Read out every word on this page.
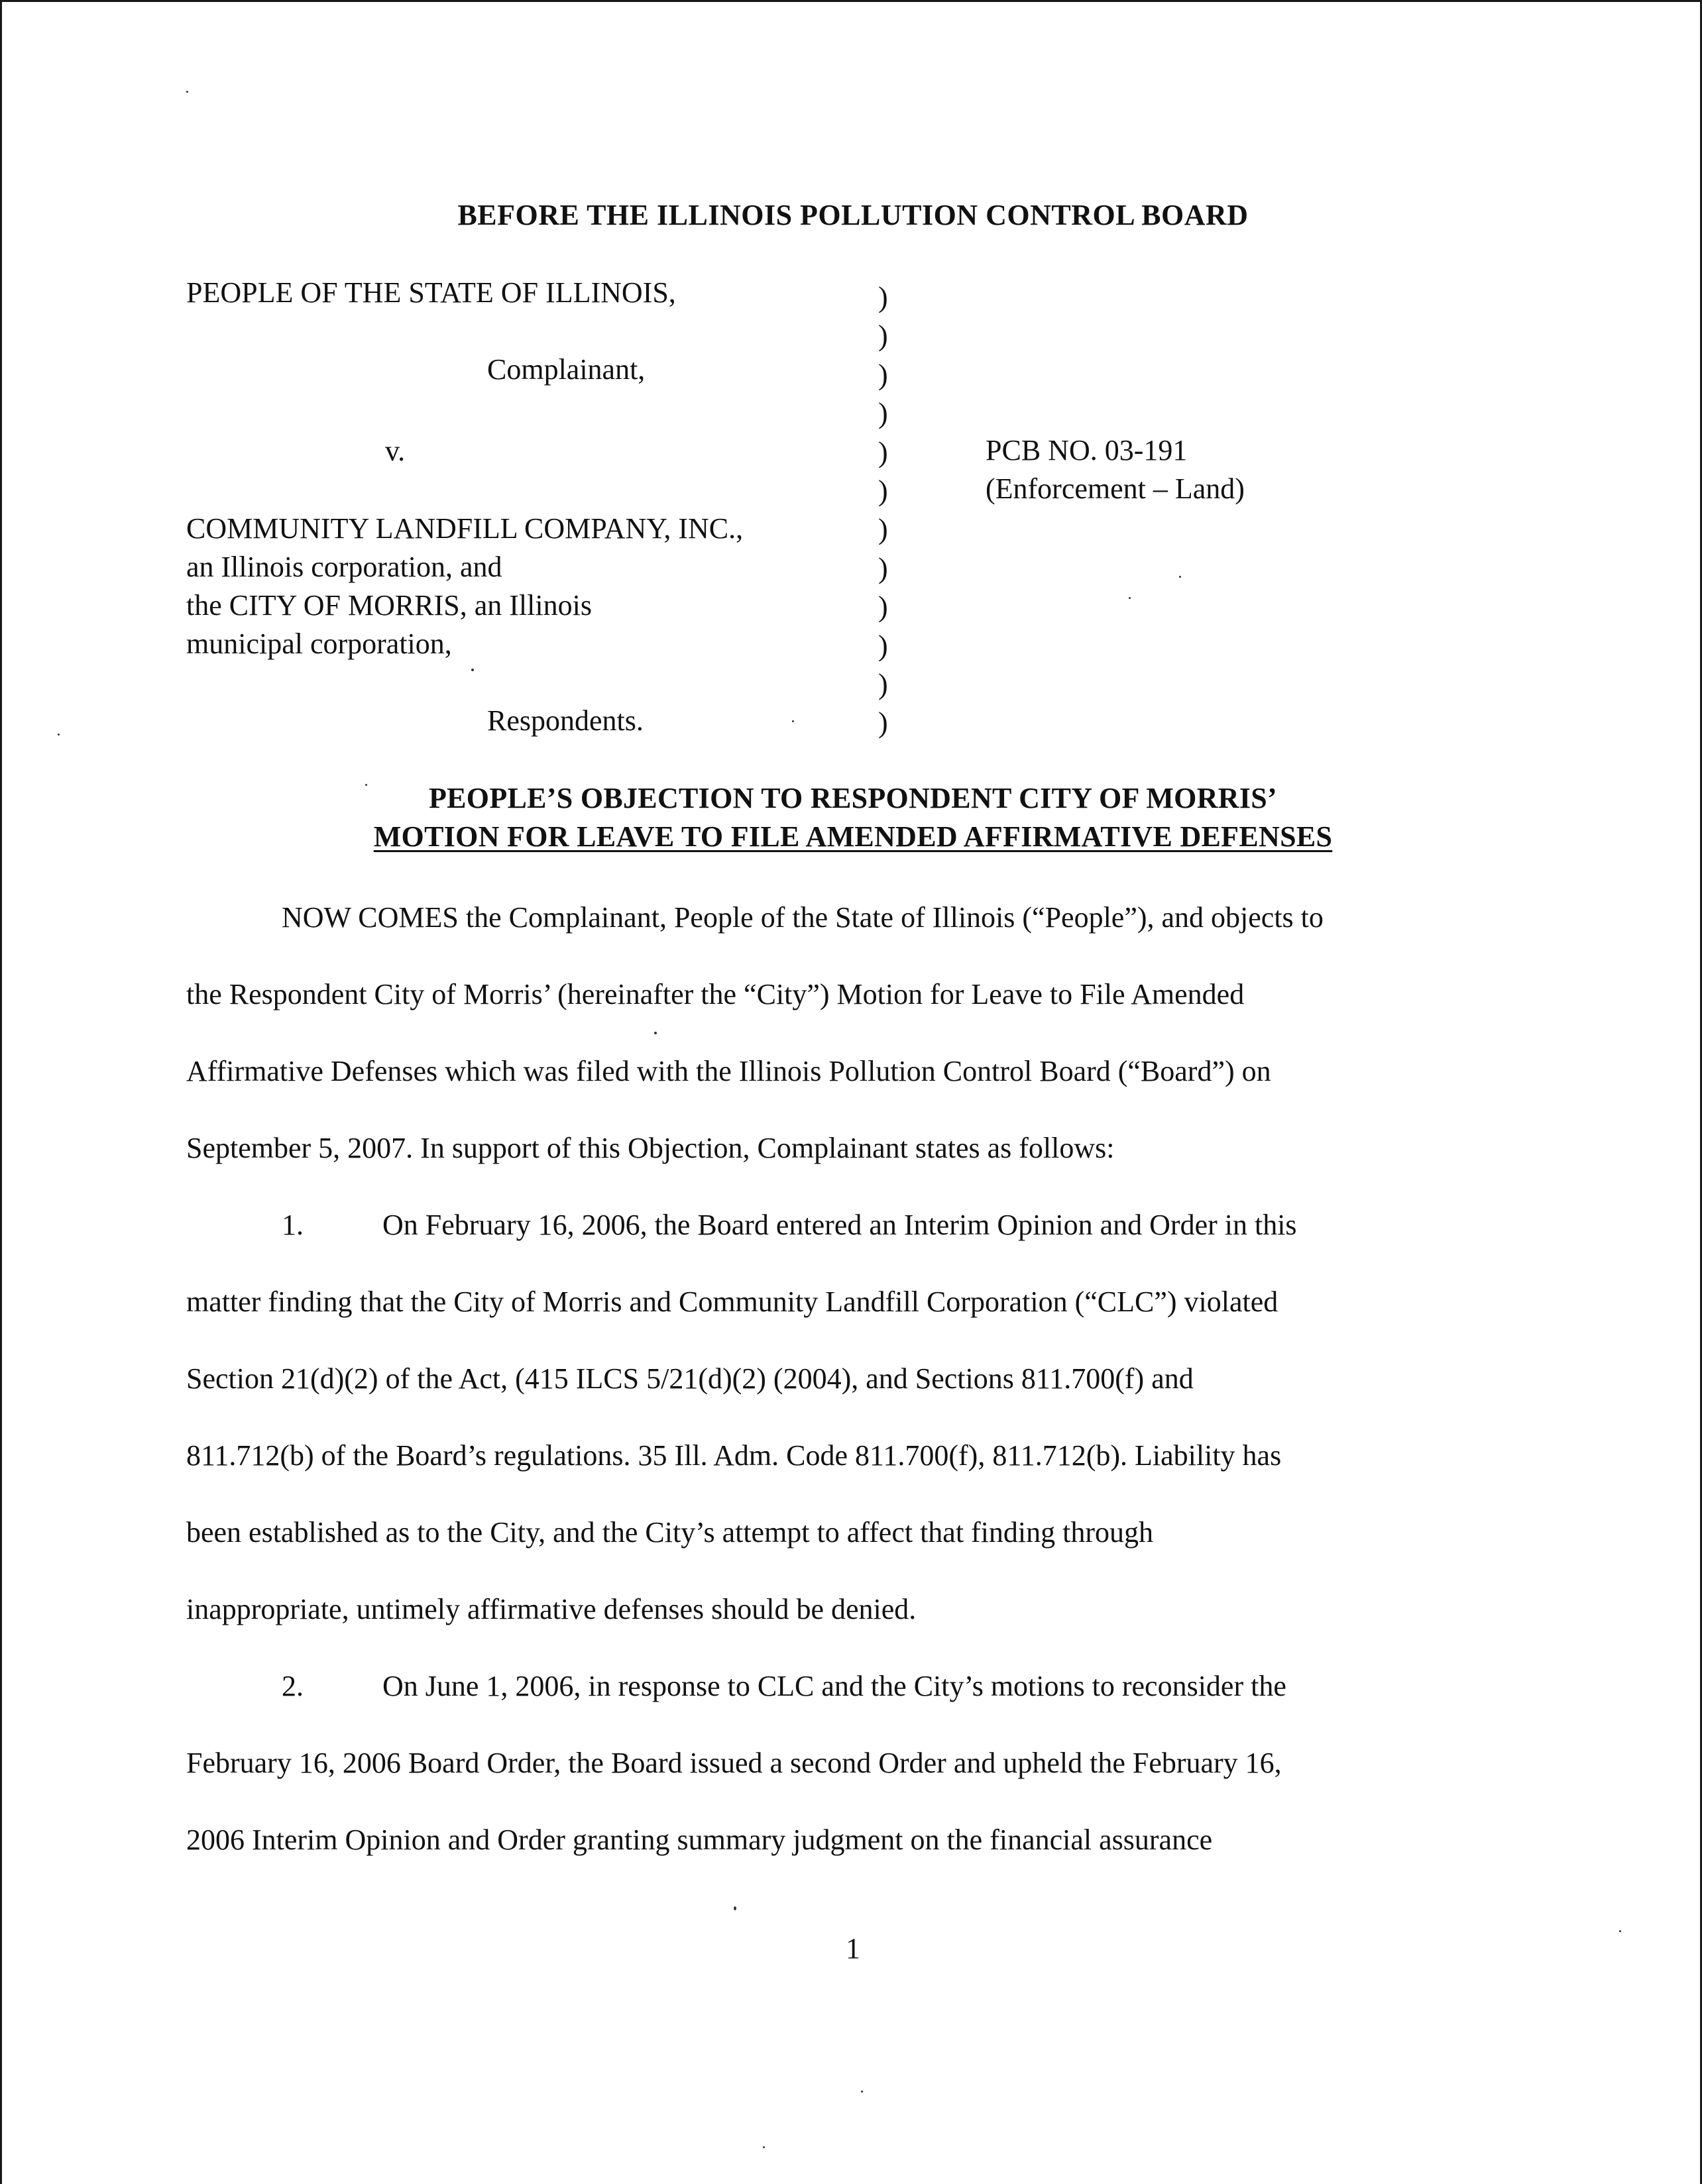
BEFORE THE ILLINOIS POLLUTION CONTROL BOARD
PEOPLE OF THE STATE OF ILLINOIS,
Complainant,
v.
COMMUNITY LANDFILL COMPANY, INC.,
an Illinois corporation, and
the CITY OF MORRIS, an Illinois
municipal corporation,
Respondents.
)
)
)
)
)
)
)
)
)
)
)
)
PCB NO. 03-191
(Enforcement – Land)
PEOPLE’S OBJECTION TO RESPONDENT CITY OF MORRIS’
MOTION FOR LEAVE TO FILE AMENDED AFFIRMATIVE DEFENSES
NOW COMES the Complainant, People of the State of Illinois (“People”), and objects to
the Respondent City of Morris’ (hereinafter the “City”) Motion for Leave to File Amended
Affirmative Defenses which was filed with the Illinois Pollution Control Board (“Board”) on
September 5, 2007. In support of this Objection, Complainant states as follows:
1.	On February 16, 2006, the Board entered an Interim Opinion and Order in this
matter finding that the City of Morris and Community Landfill Corporation (“CLC”) violated
Section 21(d)(2) of the Act, (415 ILCS 5/21(d)(2) (2004), and Sections 811.700(f) and
811.712(b) of the Board’s regulations. 35 Ill. Adm. Code 811.700(f), 811.712(b). Liability has
been established as to the City, and the City’s attempt to affect that finding through
inappropriate, untimely affirmative defenses should be denied.
2.	On June 1, 2006, in response to CLC and the City’s motions to reconsider the
February 16, 2006 Board Order, the Board issued a second Order and upheld the February 16,
2006 Interim Opinion and Order granting summary judgment on the financial assurance
1
